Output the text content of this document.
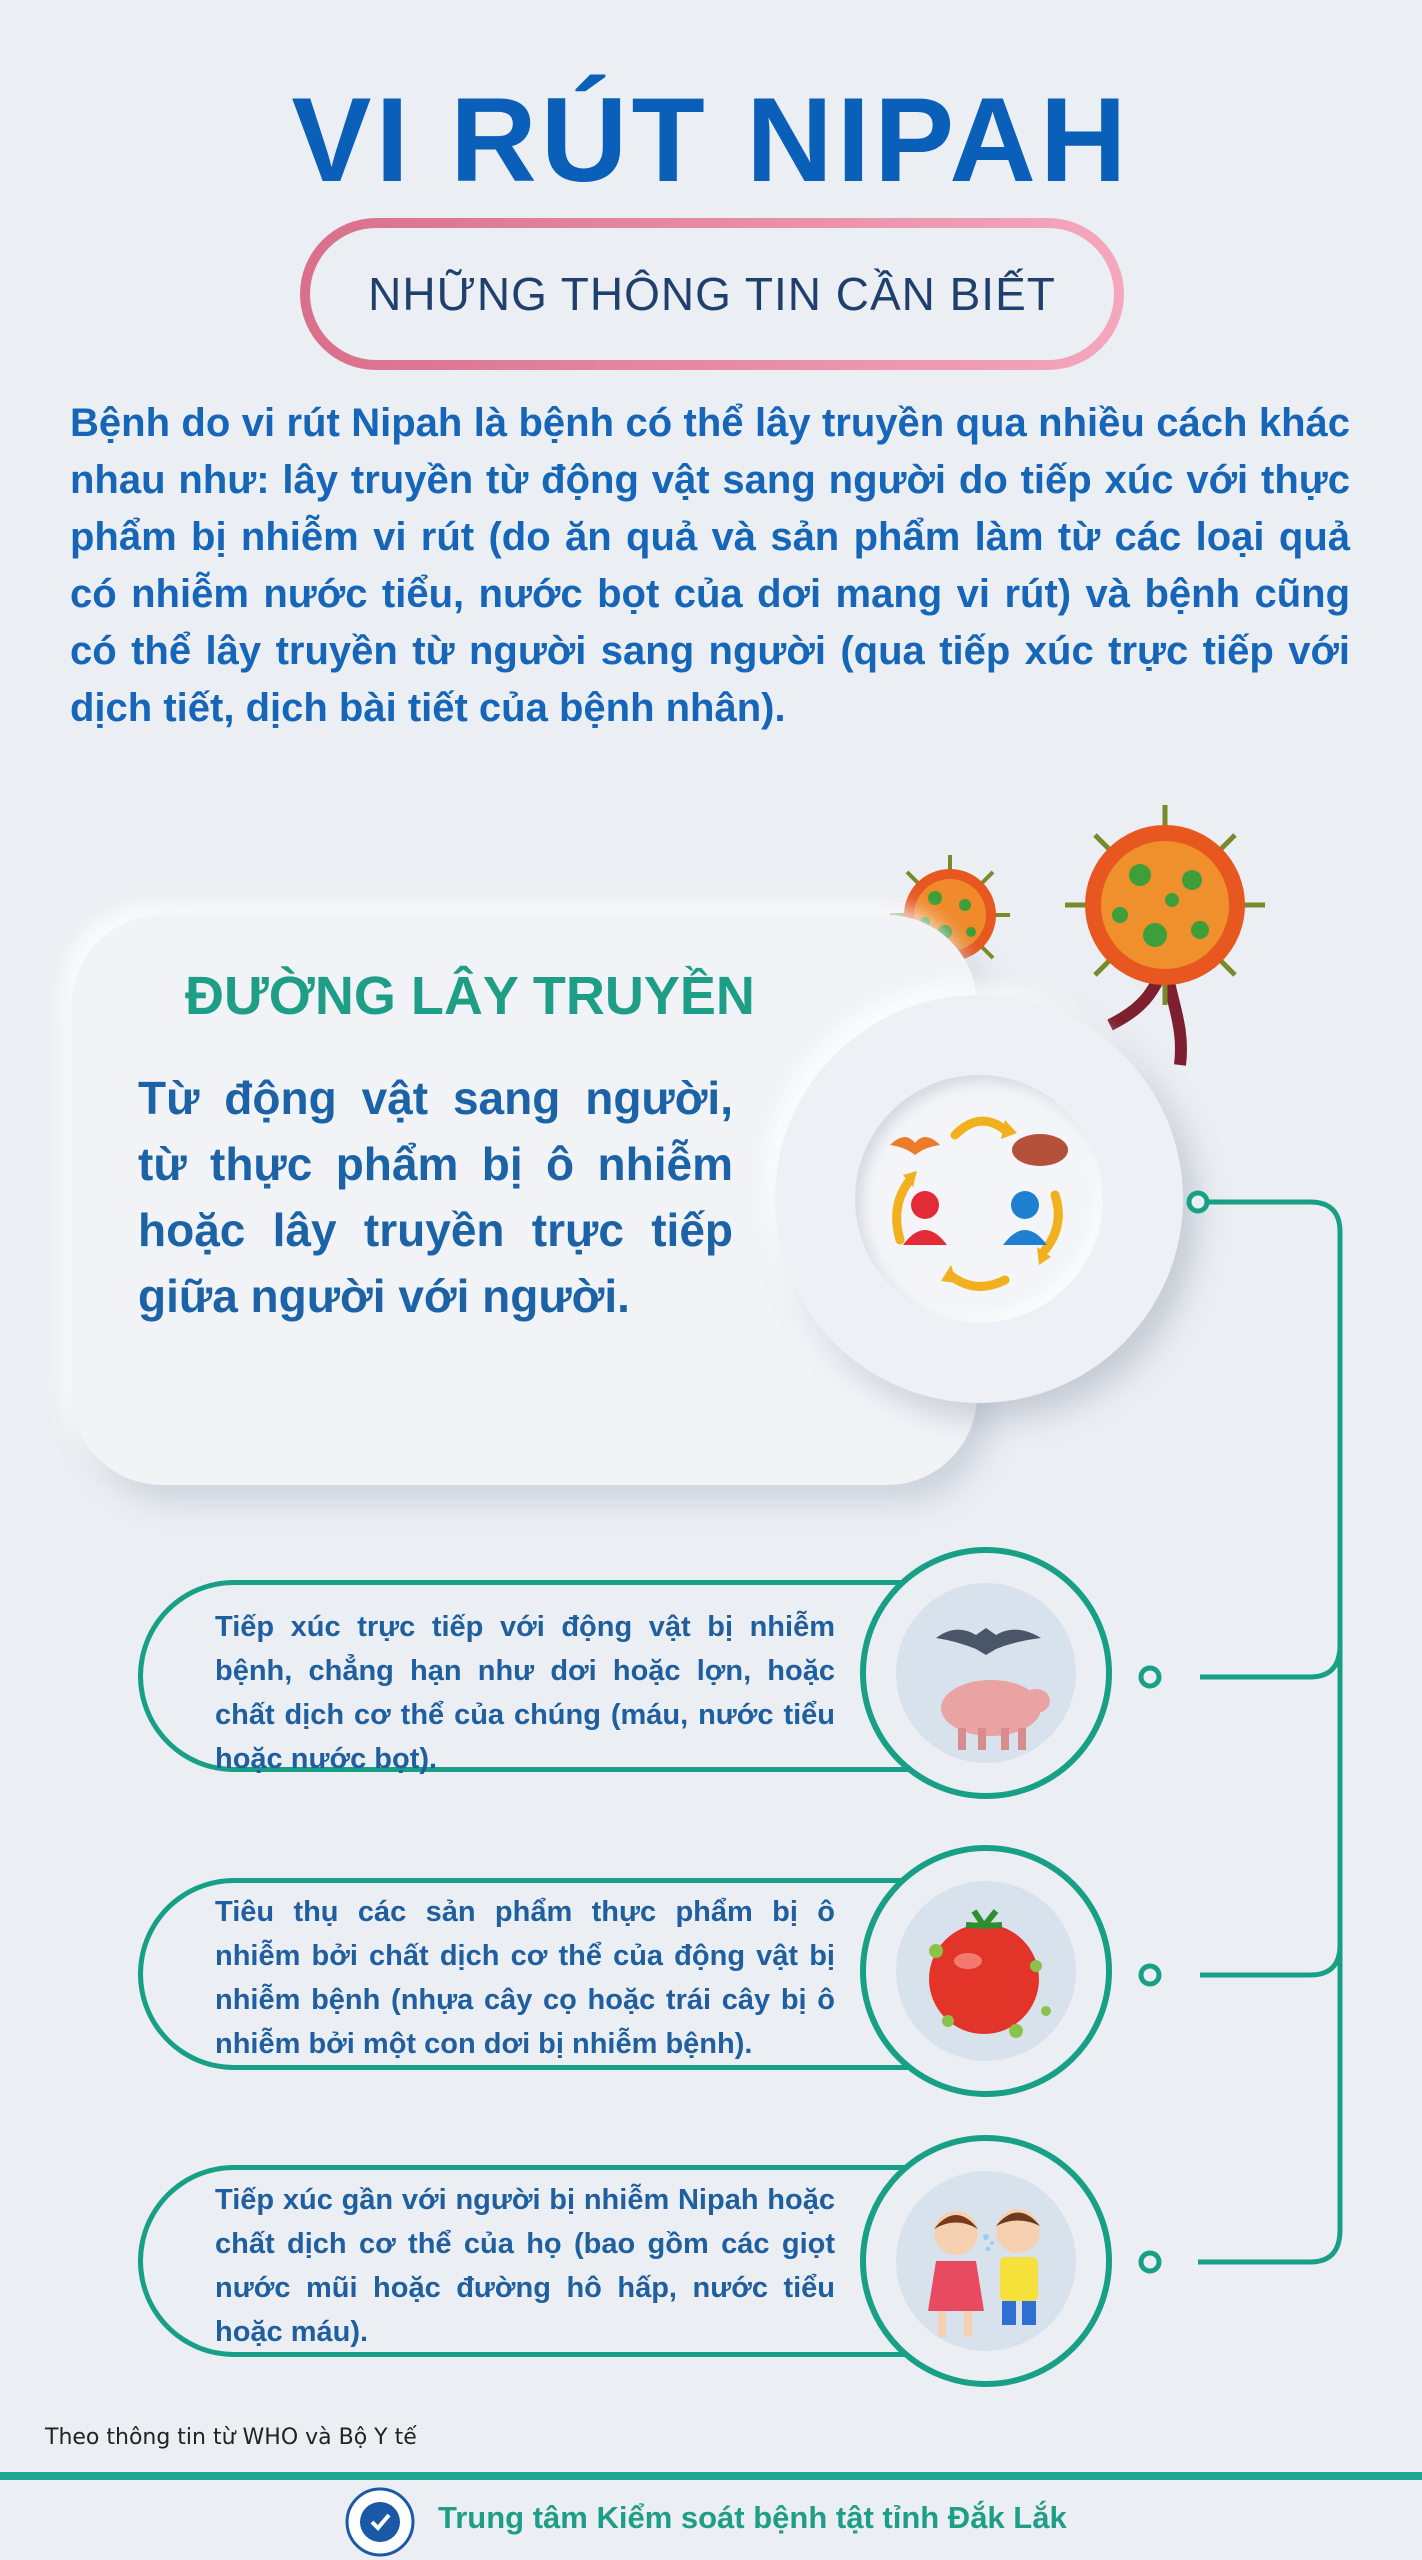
VI RÚT NIPAH
NHỮNG THÔNG TIN CẦN BIẾT

Bệnh do vi rút Nipah là bệnh có thể lây truyền qua nhiều cách khác nhau như: lây truyền từ động vật sang người do tiếp xúc với thực phẩm bị nhiễm vi rút (do ăn quả và sản phẩm làm từ các loại quả có nhiễm nước tiểu, nước bọt của dơi mang vi rút) và bệnh cũng có thể lây truyền từ người sang người (qua tiếp xúc trực tiếp với dịch tiết, dịch bài tiết của bệnh nhân).

ĐƯỜNG LÂY TRUYỀN

Từ động vật sang người, từ thực phẩm bị ô nhiễm hoặc lây truyền trực tiếp giữa người với người.

Tiếp xúc trực tiếp với động vật bị nhiễm bệnh, chẳng hạn như dơi hoặc lợn, hoặc chất dịch cơ thể của chúng (máu, nước tiểu hoặc nước bọt).

Tiêu thụ các sản phẩm thực phẩm bị ô nhiễm bởi chất dịch cơ thể của động vật bị nhiễm bệnh (nhựa cây cọ hoặc trái cây bị ô nhiễm bởi một con dơi bị nhiễm bệnh).

Tiếp xúc gần với người bị nhiễm Nipah hoặc chất dịch cơ thể của họ (bao gồm các giọt nước mũi hoặc đường hô hấp, nước tiểu hoặc máu).

Theo thông tin từ WHO và Bộ Y tế

Trung tâm Kiểm soát bệnh tật tỉnh Đắk Lắk
